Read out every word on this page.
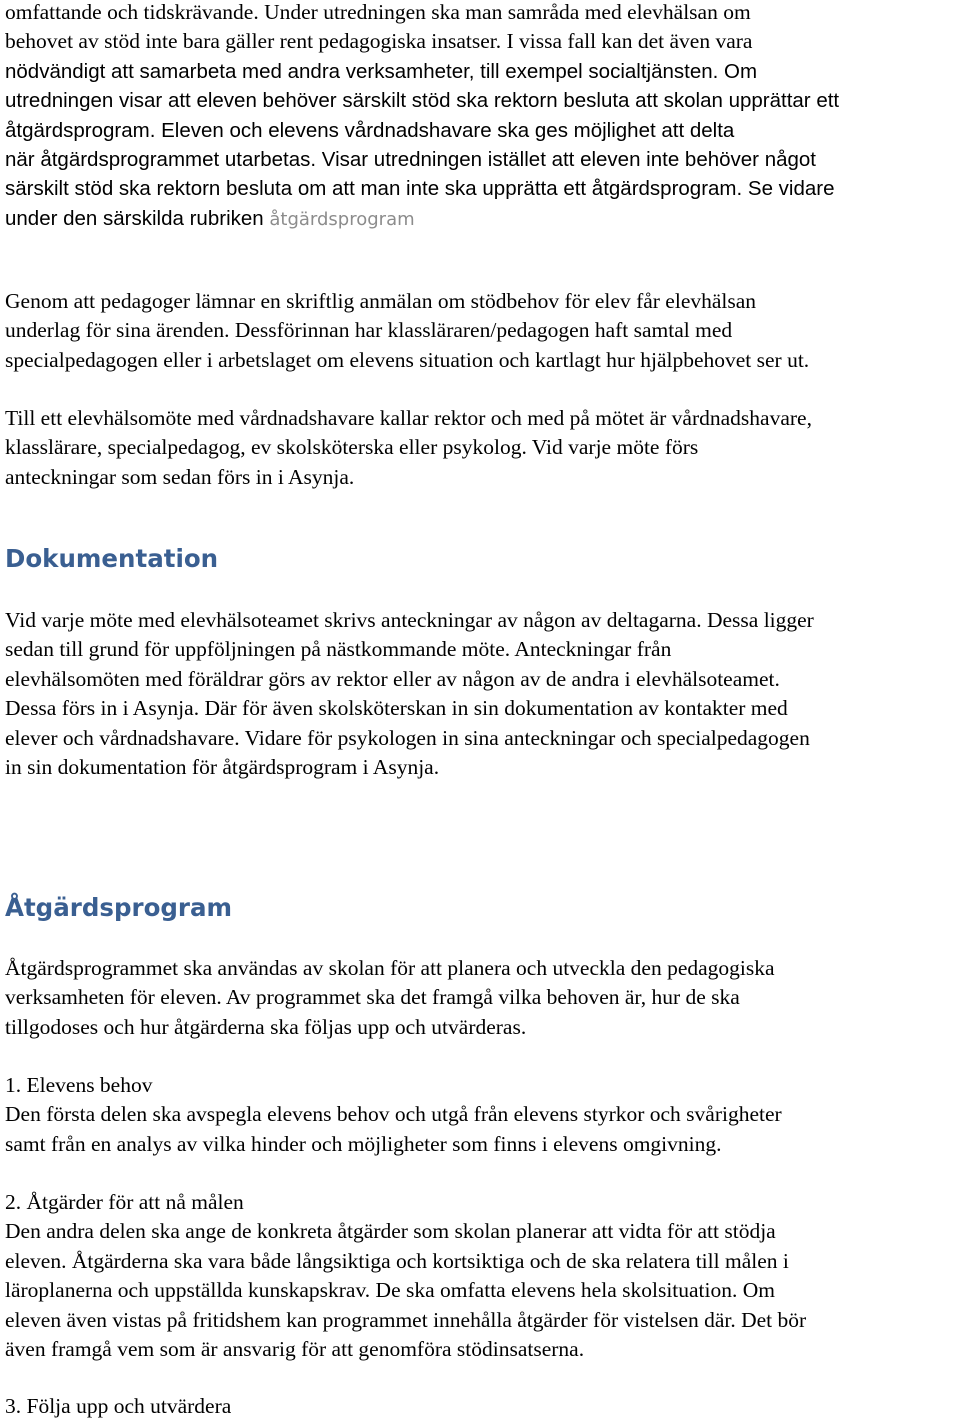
omfattande och tidskrävande. Under utredningen ska man samråda med elevhälsan om
behovet av stöd inte bara gäller rent pedagogiska insatser. I vissa fall kan det även vara
nödvändigt att samarbeta med andra verksamheter, till exempel socialtjänsten. Om
utredningen visar att eleven behöver särskilt stöd ska rektorn besluta att skolan upprättar ett
åtgärdsprogram. Eleven och elevens vårdnadshavare ska ges möjlighet att delta
när åtgärdsprogrammet utarbetas. Visar utredningen istället att eleven inte behöver något
särskilt stöd ska rektorn besluta om att man inte ska upprätta ett åtgärdsprogram. Se vidare
under den särskilda rubriken åtgärdsprogram
Genom att pedagoger lämnar en skriftlig anmälan om stödbehov för elev får elevhälsan
underlag för sina ärenden. Dessförinnan har klassläraren/pedagogen haft samtal med
specialpedagogen eller i arbetslaget om elevens situation och kartlagt hur hjälpbehovet ser ut.
Till ett elevhälsomöte med vårdnadshavare kallar rektor och med på mötet är vårdnadshavare,
klasslärare, specialpedagog, ev skolsköterska eller psykolog. Vid varje möte förs
anteckningar som sedan förs in i Asynja.
Dokumentation
Vid varje möte med elevhälsoteamet skrivs anteckningar av någon av deltagarna. Dessa ligger
sedan till grund för uppföljningen på nästkommande möte. Anteckningar från
elevhälsomöten med föräldrar görs av rektor eller av någon av de andra i elevhälsoteamet.
Dessa förs in i Asynja. Där för även skolsköterskan in sin dokumentation av kontakter med
elever och vårdnadshavare. Vidare för psykologen in sina anteckningar och specialpedagogen
in sin dokumentation för åtgärdsprogram i Asynja.
Åtgärdsprogram
Åtgärdsprogrammet ska användas av skolan för att planera och utveckla den pedagogiska
verksamheten för eleven. Av programmet ska det framgå vilka behoven är, hur de ska
tillgodoses och hur åtgärderna ska följas upp och utvärderas.
1. Elevens behov
Den första delen ska avspegla elevens behov och utgå från elevens styrkor och svårigheter
samt från en analys av vilka hinder och möjligheter som finns i elevens omgivning.
2. Åtgärder för att nå målen
Den andra delen ska ange de konkreta åtgärder som skolan planerar att vidta för att stödja
eleven. Åtgärderna ska vara både långsiktiga och kortsiktiga och de ska relatera till målen i
läroplanerna och uppställda kunskapskrav. De ska omfatta elevens hela skolsituation. Om
eleven även vistas på fritidshem kan programmet innehålla åtgärder för vistelsen där. Det bör
även framgå vem som är ansvarig för att genomföra stödinsatserna.
3. Följa upp och utvärdera
